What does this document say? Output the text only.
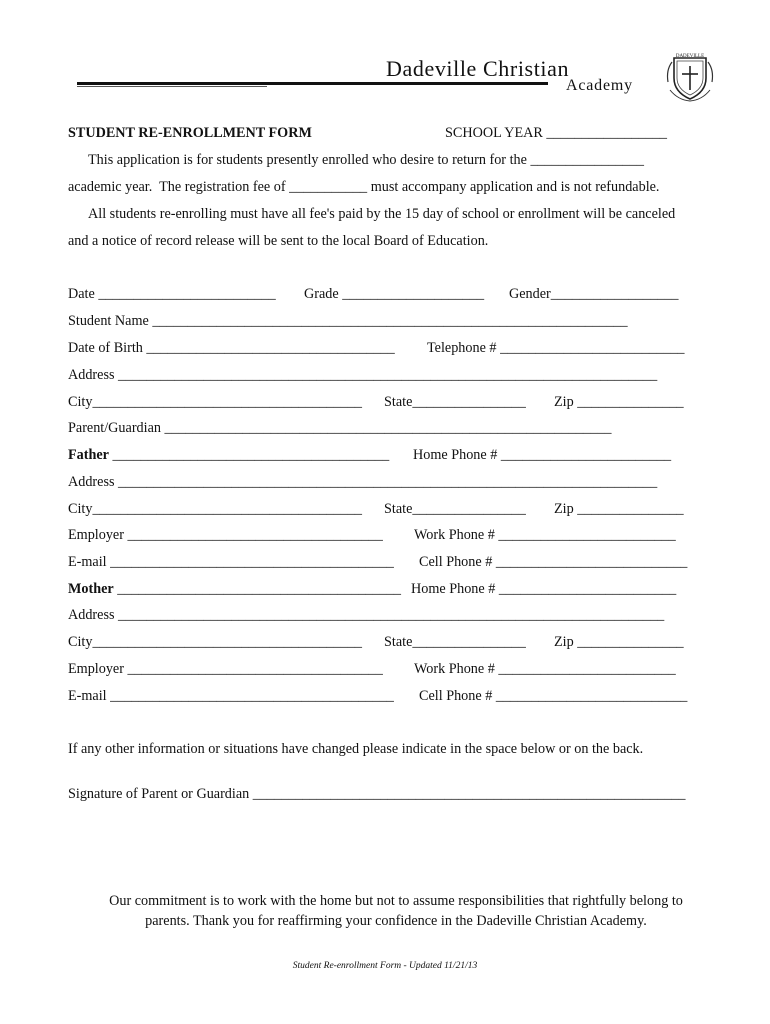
Dadeville Christian
Academy
DADEVILLE
STUDENT RE-ENROLLMENT FORM	SCHOOL YEAR _________________
This application is for students presently enrolled who desire to return for the ________________
academic year.  The registration fee of ___________ must accompany application and is not refundable.
All students re-enrolling must have all fee's paid by the 15 day of school or enrollment will be canceled
and a notice of record release will be sent to the local Board of Education.
Date _________________________ Grade ____________________ Gender__________________
Student Name ___________________________________________________________________
Date of Birth ___________________________________ Telephone # __________________________
Address ____________________________________________________________________________
City______________________________________ State________________ Zip _______________
Parent/Guardian _______________________________________________________________
Father _______________________________________ Home Phone # ________________________
Address ____________________________________________________________________________
City______________________________________ State________________ Zip _______________
Employer ____________________________________ Work Phone # _________________________
E-mail ________________________________________ Cell Phone # ___________________________
Mother ________________________________________ Home Phone # _________________________
Address _____________________________________________________________________________
City______________________________________ State________________ Zip _______________
Employer ____________________________________ Work Phone # _________________________
E-mail ________________________________________ Cell Phone # ___________________________
If any other information or situations have changed please indicate in the space below or on the back.
Signature of Parent or Guardian _____________________________________________________________
Our commitment is to work with the home but not to assume responsibilities that rightfully belong to
parents. Thank you for reaffirming your confidence in the Dadeville Christian Academy.
Student Re-enrollment Form - Updated 11/21/13
